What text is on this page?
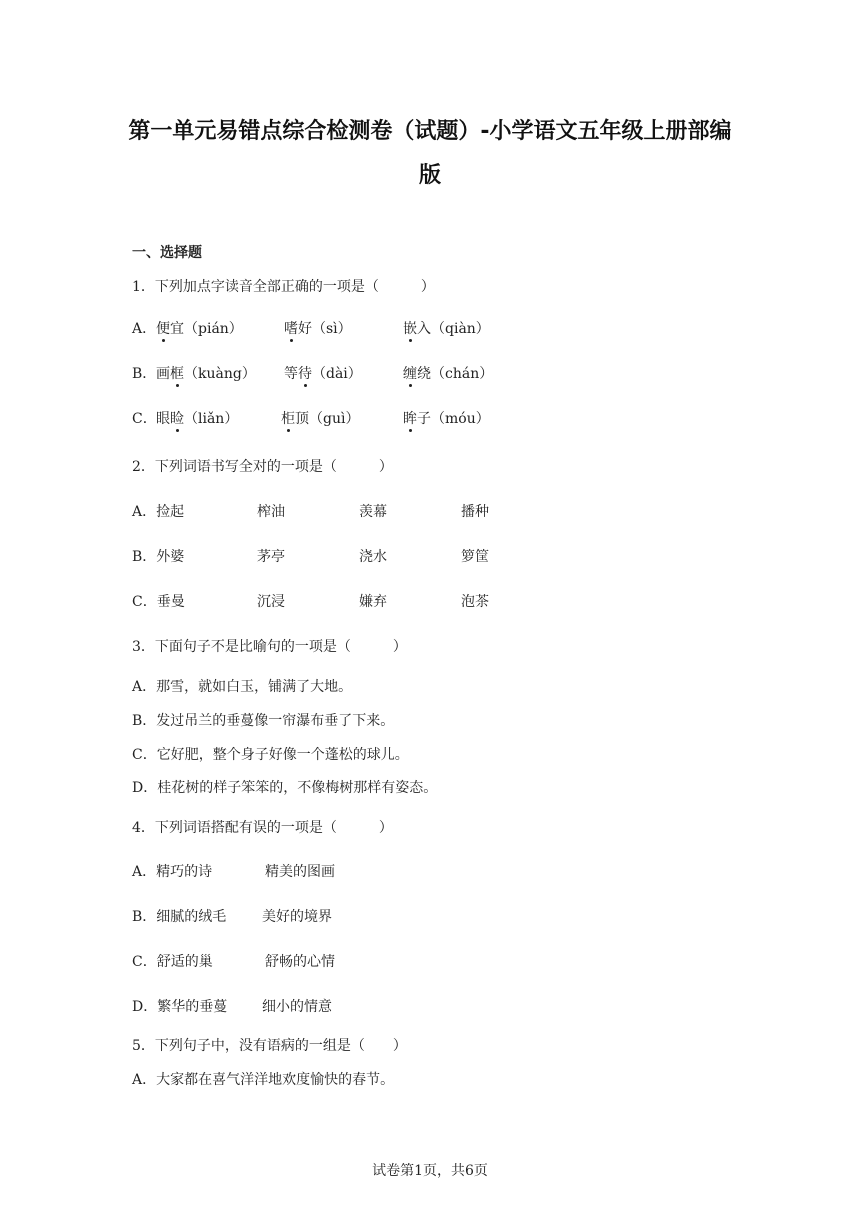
第一单元易错点综合检测卷（试题）-小学语文五年级上册部编
版
一、选择题
1．下列加点字读音全部正确的一项是（　　　）
A． 便宜（pián）	嗜好（sì）	嵌入（qiàn）
B． 画框（kuàng） 等待（dài）	缠绕（chán）
C． 眼睑（liǎn）	柜顶（guì）	眸子（móu）
2．下列词语书写全对的一项是（　　　）
A．捡起	榨油	羡幕	播种
B．外婆	茅亭	浇水	箩筐
C．垂曼	沉浸	嫌弃	泡茶
3．下面句子不是比喻句的一项是（　　　）
A．那雪，就如白玉，铺满了大地。
B．发过吊兰的垂蔓像一帘瀑布垂了下来。
C．它好肥，整个身子好像一个蓬松的球儿。
D．桂花树的样子笨笨的，不像梅树那样有姿态。
4．下列词语搭配有误的一项是（　　　）
A．精巧的诗	精美的图画
B．细腻的绒毛	美好的境界
C．舒适的巢	舒畅的心情
D．繁华的垂蔓 细小的情意
5．下列句子中，没有语病的一组是（　　）
A．大家都在喜气洋洋地欢度愉快的春节。
试卷第1页，共6页
